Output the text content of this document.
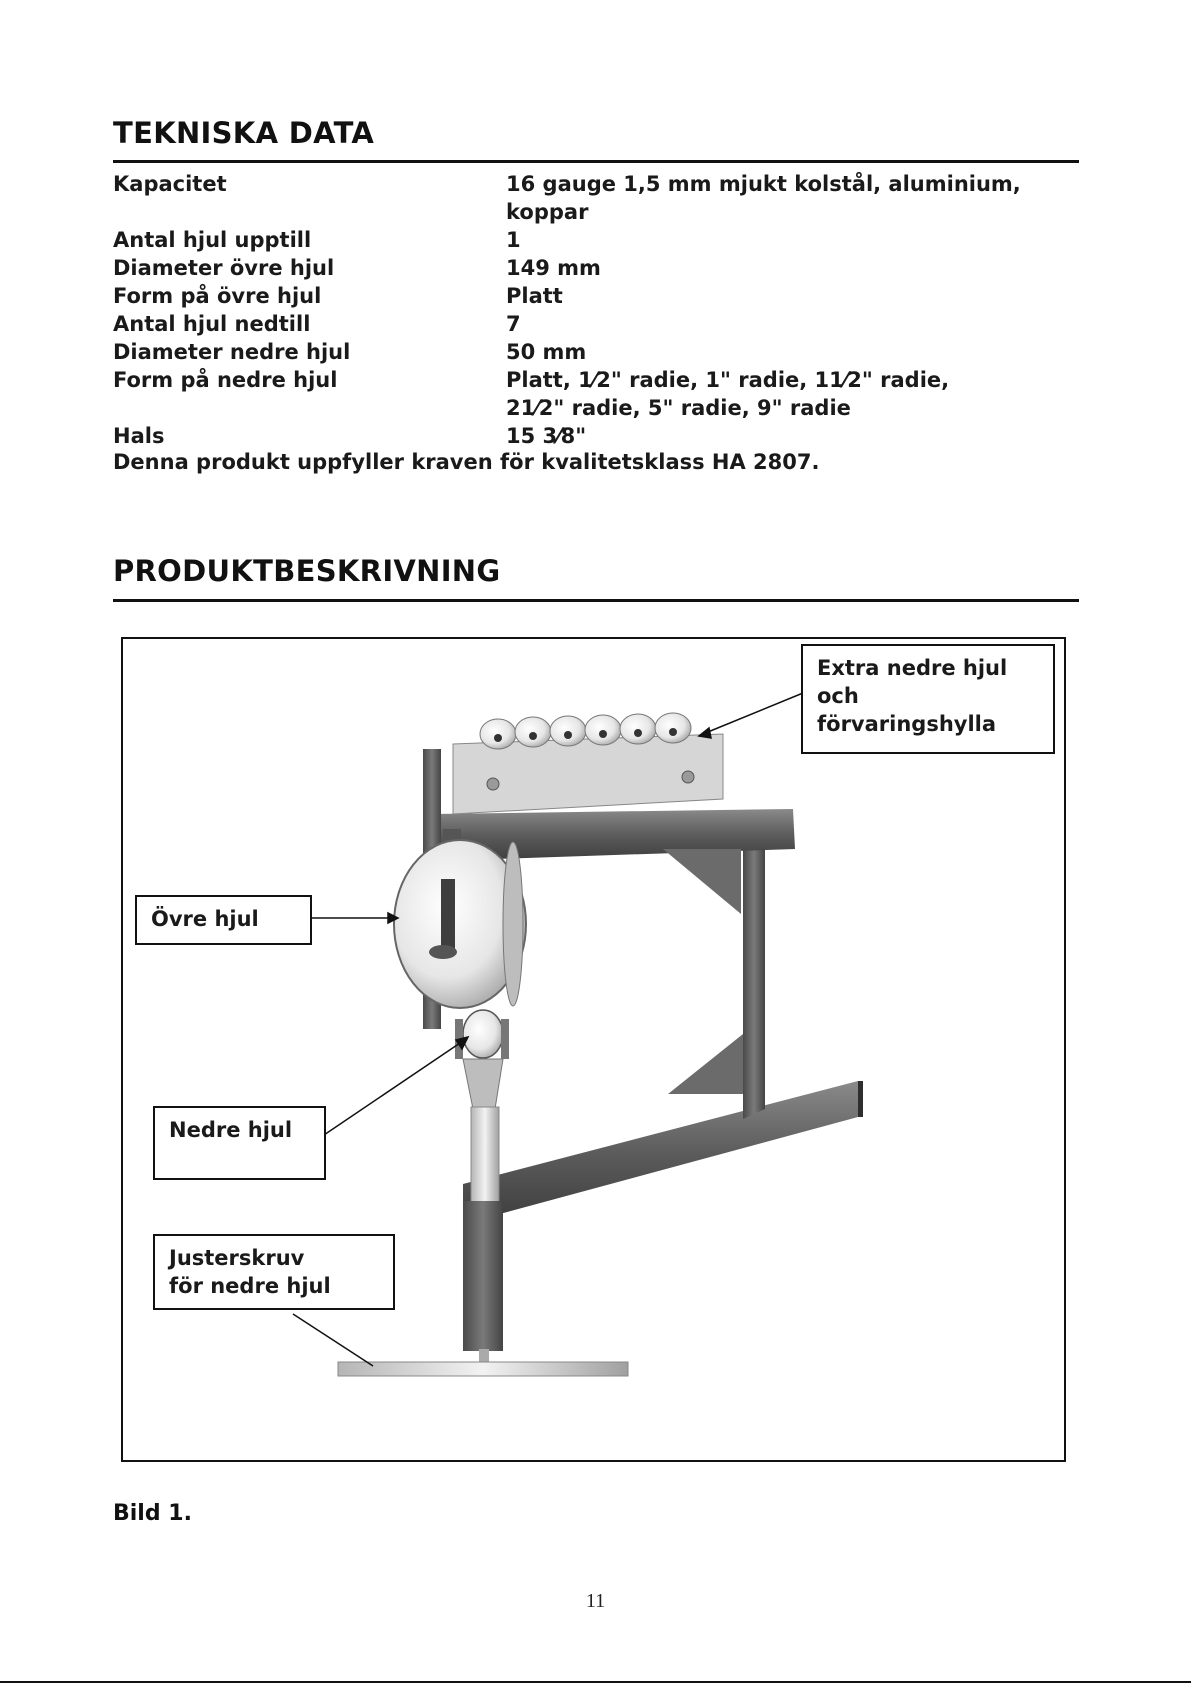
TEKNISKA DATA
Kapacitet	16 gauge 1,5 mm mjukt kolstål, aluminium, koppar
Antal hjul upptill	1
Diameter övre hjul	149 mm
Form på övre hjul	Platt
Antal hjul nedtill	7
Diameter nedre hjul	50 mm
Form på nedre hjul	Platt, 1⁄2" radie, 1" radie, 11⁄2" radie,
21⁄2" radie, 5" radie, 9" radie
Hals	15 3⁄8"

Denna produkt uppfyller kraven för kvalitetsklass HA 2807.

PRODUKTBESKRIVNING
Extra nedre hjul och
förvaringshylla
Övre hjul
Nedre hjul
Justerskruv
för nedre hjul

Bild 1.

11
